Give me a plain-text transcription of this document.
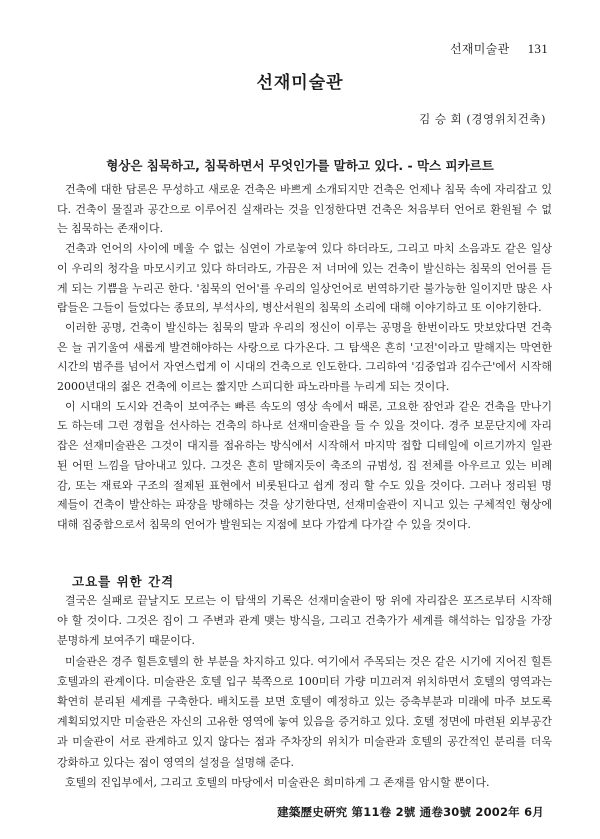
선재미술관 131
선재미술관
김 승 회 (경영위치건축)
형상은 침묵하고, 침묵하면서 무엇인가를 말하고 있다. - 막스 피카르트

건축에 대한 담론은 무성하고 새로운 건축은 바쁘게 소개되지만 건축은 언제나 침묵 속에 자리잡고 있다. 건축이 물질과 공간으로 이루어진 실재라는 것을 인정한다면 건축은 처음부터 언어로 환원될 수 없는 침묵하는 존재이다.

건축과 언어의 사이에 메울 수 없는 심연이 가로놓여 있다 하더라도, 그리고 마치 소음과도 같은 일상이 우리의 청각을 마모시키고 있다 하더라도, 가끔은 저 너머에 있는 건축이 발신하는 침묵의 언어를 듣게 되는 기쁨을 누리곤 한다. '침묵의 언어'를 우리의 일상언어로 번역하기란 불가능한 일이지만 많은 사람들은 그들이 들었다는 종묘의, 부석사의, 병산서원의 침묵의 소리에 대해 이야기하고 또 이야기한다.

이러한 공명, 건축이 발신하는 침묵의 말과 우리의 정신이 이루는 공명을 한번이라도 맛보았다면 건축은 늘 귀기울여 새롭게 발견해야하는 사랑으로 다가온다. 그 탐색은 흔히 '고전'이라고 말해지는 막연한 시간의 범주를 넘어서 자연스럽게 이 시대의 건축으로 인도한다. 그리하여 '김중업과 김수근'에서 시작해 2000년대의 젊은 건축에 이르는 짧지만 스피디한 파노라마를 누리게 되는 것이다.

이 시대의 도시와 건축이 보여주는 빠른 속도의 영상 속에서 때론, 고요한 잠언과 같은 건축을 만나기도 하는데 그런 경험을 선사하는 건축의 하나로 선재미술관을 들 수 있을 것이다. 경주 보문단지에 자리잡은 선재미술관은 그것이 대지를 점유하는 방식에서 시작해서 마지막 접합 디테일에 이르기까지 일관된 어떤 느낌을 담아내고 있다. 그것은 흔히 말해지듯이 축조의 규범성, 집 전체를 아우르고 있는 비례감, 또는 재료와 구조의 절제된 표현에서 비롯된다고 쉽게 정리 할 수도 있을 것이다. 그러나 정리된 명제들이 건축이 발산하는 파장을 방해하는 것을 상기한다면, 선재미술관이 지니고 있는 구체적인 형상에 대해 집중함으로서 침묵의 언어가 발원되는 지점에 보다 가깝게 다가갈 수 있을 것이다.

고요를 위한 간격

결국은 실패로 끝날지도 모르는 이 탐색의 기록은 선재미술관이 땅 위에 자리잡은 포즈로부터 시작해야 할 것이다. 그것은 집이 그 주변과 관계 맺는 방식을, 그리고 건축가가 세계를 해석하는 입장을 가장 분명하게 보여주기 때문이다.

미술관은 경주 힐튼호텔의 한 부분을 차지하고 있다. 여기에서 주목되는 것은 같은 시기에 지어진 힐튼호텔과의 관계이다. 미술관은 호텔 입구 북쪽으로 100미터 가량 미끄러져 위치하면서 호텔의 영역과는 확연히 분리된 세계를 구축한다. 배치도를 보면 호텔이 예정하고 있는 증축부분과 미래에 마주 보도록 계획되었지만 미술관은 자신의 고유한 영역에 놓여 있음을 증거하고 있다. 호텔 정면에 마련된 외부공간과 미술관이 서로 관계하고 있지 않다는 점과 주차장의 위치가 미술관과 호텔의 공간적인 분리를 더욱 강화하고 있다는 점이 영역의 설정을 설명해 준다.

호텔의 진입부에서, 그리고 호텔의 마당에서 미술관은 희미하게 그 존재를 암시할 뿐이다.

建築歷史硏究 第11卷 2號 通卷30號 2002年 6月
